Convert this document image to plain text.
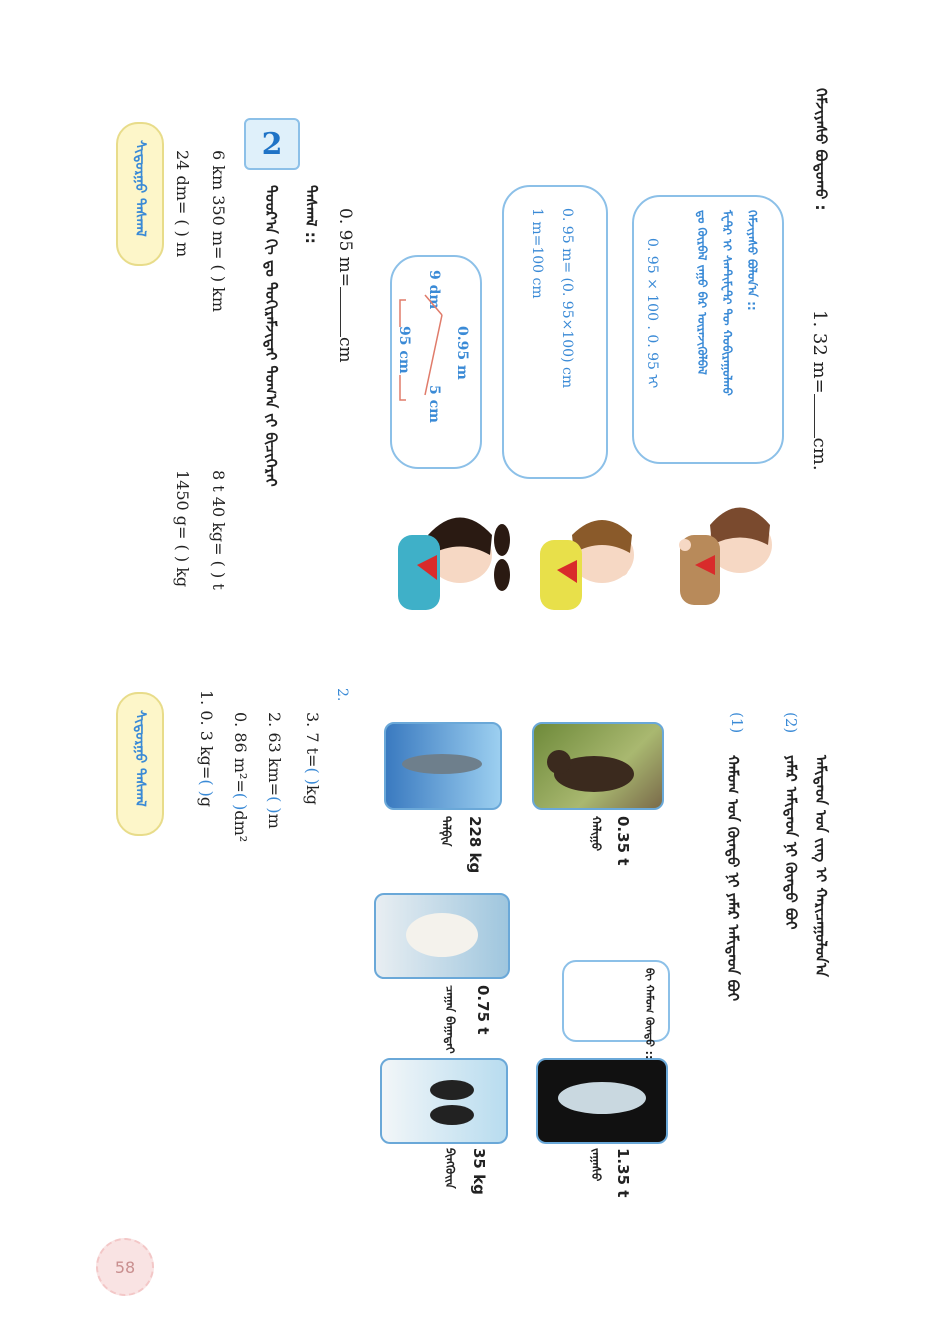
ᠬᠡᠮᠵᠢᠶᠡᠰᠦ ᠪᠣᠳᠣᠬᠤ :
1. 32 m=cm.
ᠬᠡᠮᠵᠢᠶᠡᠰᠦ ᠪᠣᠯᠤᠨ᠎ᠠ ::
ᠮᠧᠲ᠋ᠷ ᠢ ᠰᠠᠨᠲ᠋ᠢᠮᠧᠲ᠋ᠷ ᠲᠦ ᠬᠤᠪᠢᠷᠠᠭᠤᠯᠬᠤ
ᠳᠤ ᠬᠦᠷᠪᠡᠯ ᠵᠠᠭᠤ ᠪᠠᠷ ᠦᠷᠡᠵᠢᠭᠦᠯᠪᠡᠯ
0. 95 × 100 . 0. 95 ᠢ
0. 95 m= (0. 95×100) cm
1 m=100 cm
0.95 m
9 dm
5 cm
95 cm
0. 95 m=cm
2
ᠳᠠᠰᠬᠠᠯ ::
ᠳᠣᠤᠷ᠎ᠠ ᠬᠢ ᠳᠤ ᠲᠣᠬᠢᠷᠠᠮᠵᠢᠲᠠᠢ ᠲᠣᠭ᠎ᠠ ᠵᠢ ᠪᠢᠴᠢᠭᠡᠷᠡᠢ
6 km 350 m= ( ) km
8 t 40 kg= ( ) t
24 dm= ( ) m
1450 g= ( ) kg
ᠰᠢᠳᠤᠷᠭᠤ ᠳᠠᠰᠬᠠᠯ
ᠠᠮᠢᠲᠠᠳ ᠤᠨ ᠵᠢᠩ ᠢ ᠬᠠᠷᠢᠴᠠᠭᠤᠯᠤᠨ᠎ᠠ
(2)
ᠶᠠᠮᠠᠷ ᠠᠮᠢᠲᠠᠳ ᠨᠢ ᠬᠦᠨᠳᠦ ᠪᠤᠢ
(1)
ᠬᠠᠮᠤᠭ ᠤᠨ ᠬᠦᠨᠳᠦ ᠨᠢ ᠶᠠᠮᠠᠷ ᠠᠮᠢᠲᠠᠳ ᠪᠤᠢ
0.35 t
ᠬᠠᠯᠢᠭᠤ
1.35 t
ᠵᠠᠭᠠᠰᠤ
ᠪᠢ ᠬᠠᠮᠤᠭ ᠬᠦᠨᠳᠦ ::
228 kg
ᠳᠡᠯᠹᠢᠨ
0.75 t
ᠴᠠᠭᠠᠨ ᠪᠠᠭᠠᠳᠠᠢ
35 kg
ᠫᠢᠩᠭᠦᠢᠨ
2.
3. 7 t=( )kg
2. 63 km=( )m
0. 86 m²=( )dm²
1. 0. 3 kg=( )g
ᠰᠢᠳᠤᠷᠭᠤ ᠳᠠᠰᠬᠠᠯ
58
